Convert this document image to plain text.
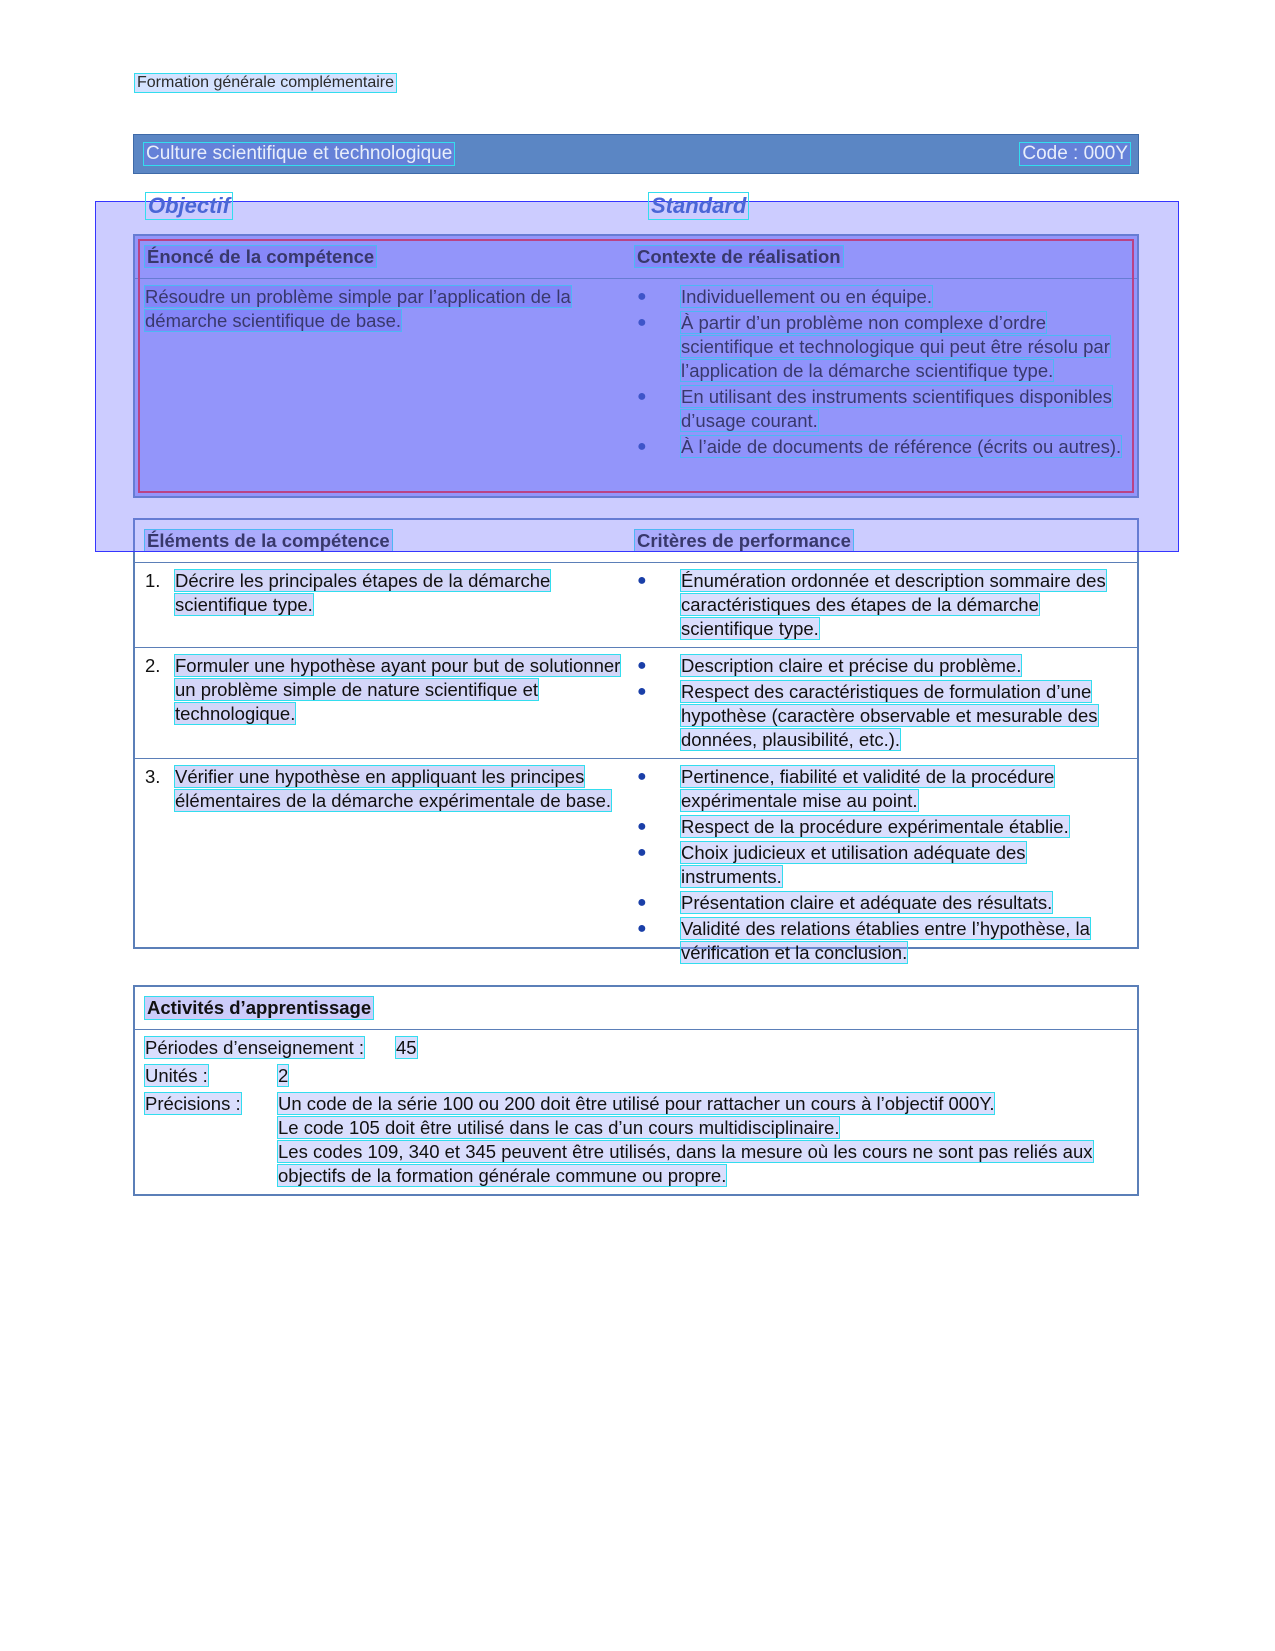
Formation générale complémentaire
Culture scientifique et technologique	Code : 000Y
Énoncé de la compétence	Contexte de réalisation
Résoudre un problème simple par l’application de la démarche scientifique de base.
●	Individuellement ou en équipe.
●	À partir d’un problème non complexe d’ordre scientifique et technologique qui peut être résolu par l’application de la démarche scientifique type.
●	En utilisant des instruments scientifiques disponibles d’usage courant.
●	À l’aide de documents de référence (écrits ou autres).
Éléments de la compétence	Critères de performance
1. Décrire les principales étapes de la démarche scientifique type.
●	Énumération ordonnée et description sommaire des caractéristiques des étapes de la démarche scientifique type.
2. Formuler une hypothèse ayant pour but de solutionner un problème simple de nature scientifique et technologique.
●	Description claire et précise du problème.
●	Respect des caractéristiques de formulation d’une hypothèse (caractère observable et mesurable des données, plausibilité, etc.).
3. Vérifier une hypothèse en appliquant les principes élémentaires de la démarche expérimentale de base.
●	Pertinence, fiabilité et validité de la procédure expérimentale mise au point.
●	Respect de la procédure expérimentale établie.
●	Choix judicieux et utilisation adéquate des instruments.
●	Présentation claire et adéquate des résultats.
●	Validité des relations établies entre l’hypothèse, la vérification et la conclusion.
Activités d’apprentissage
Périodes d’enseignement :	45
Unités :	2
Précisions :	Un code de la série 100 ou 200 doit être utilisé pour rattacher un cours à l’objectif 000Y.
Le code 105 doit être utilisé dans le cas d’un cours multidisciplinaire.
Les codes 109, 340 et 345 peuvent être utilisés, dans la mesure où les cours ne sont pas reliés aux objectifs de la formation générale commune ou propre.
Objectif	Standard
